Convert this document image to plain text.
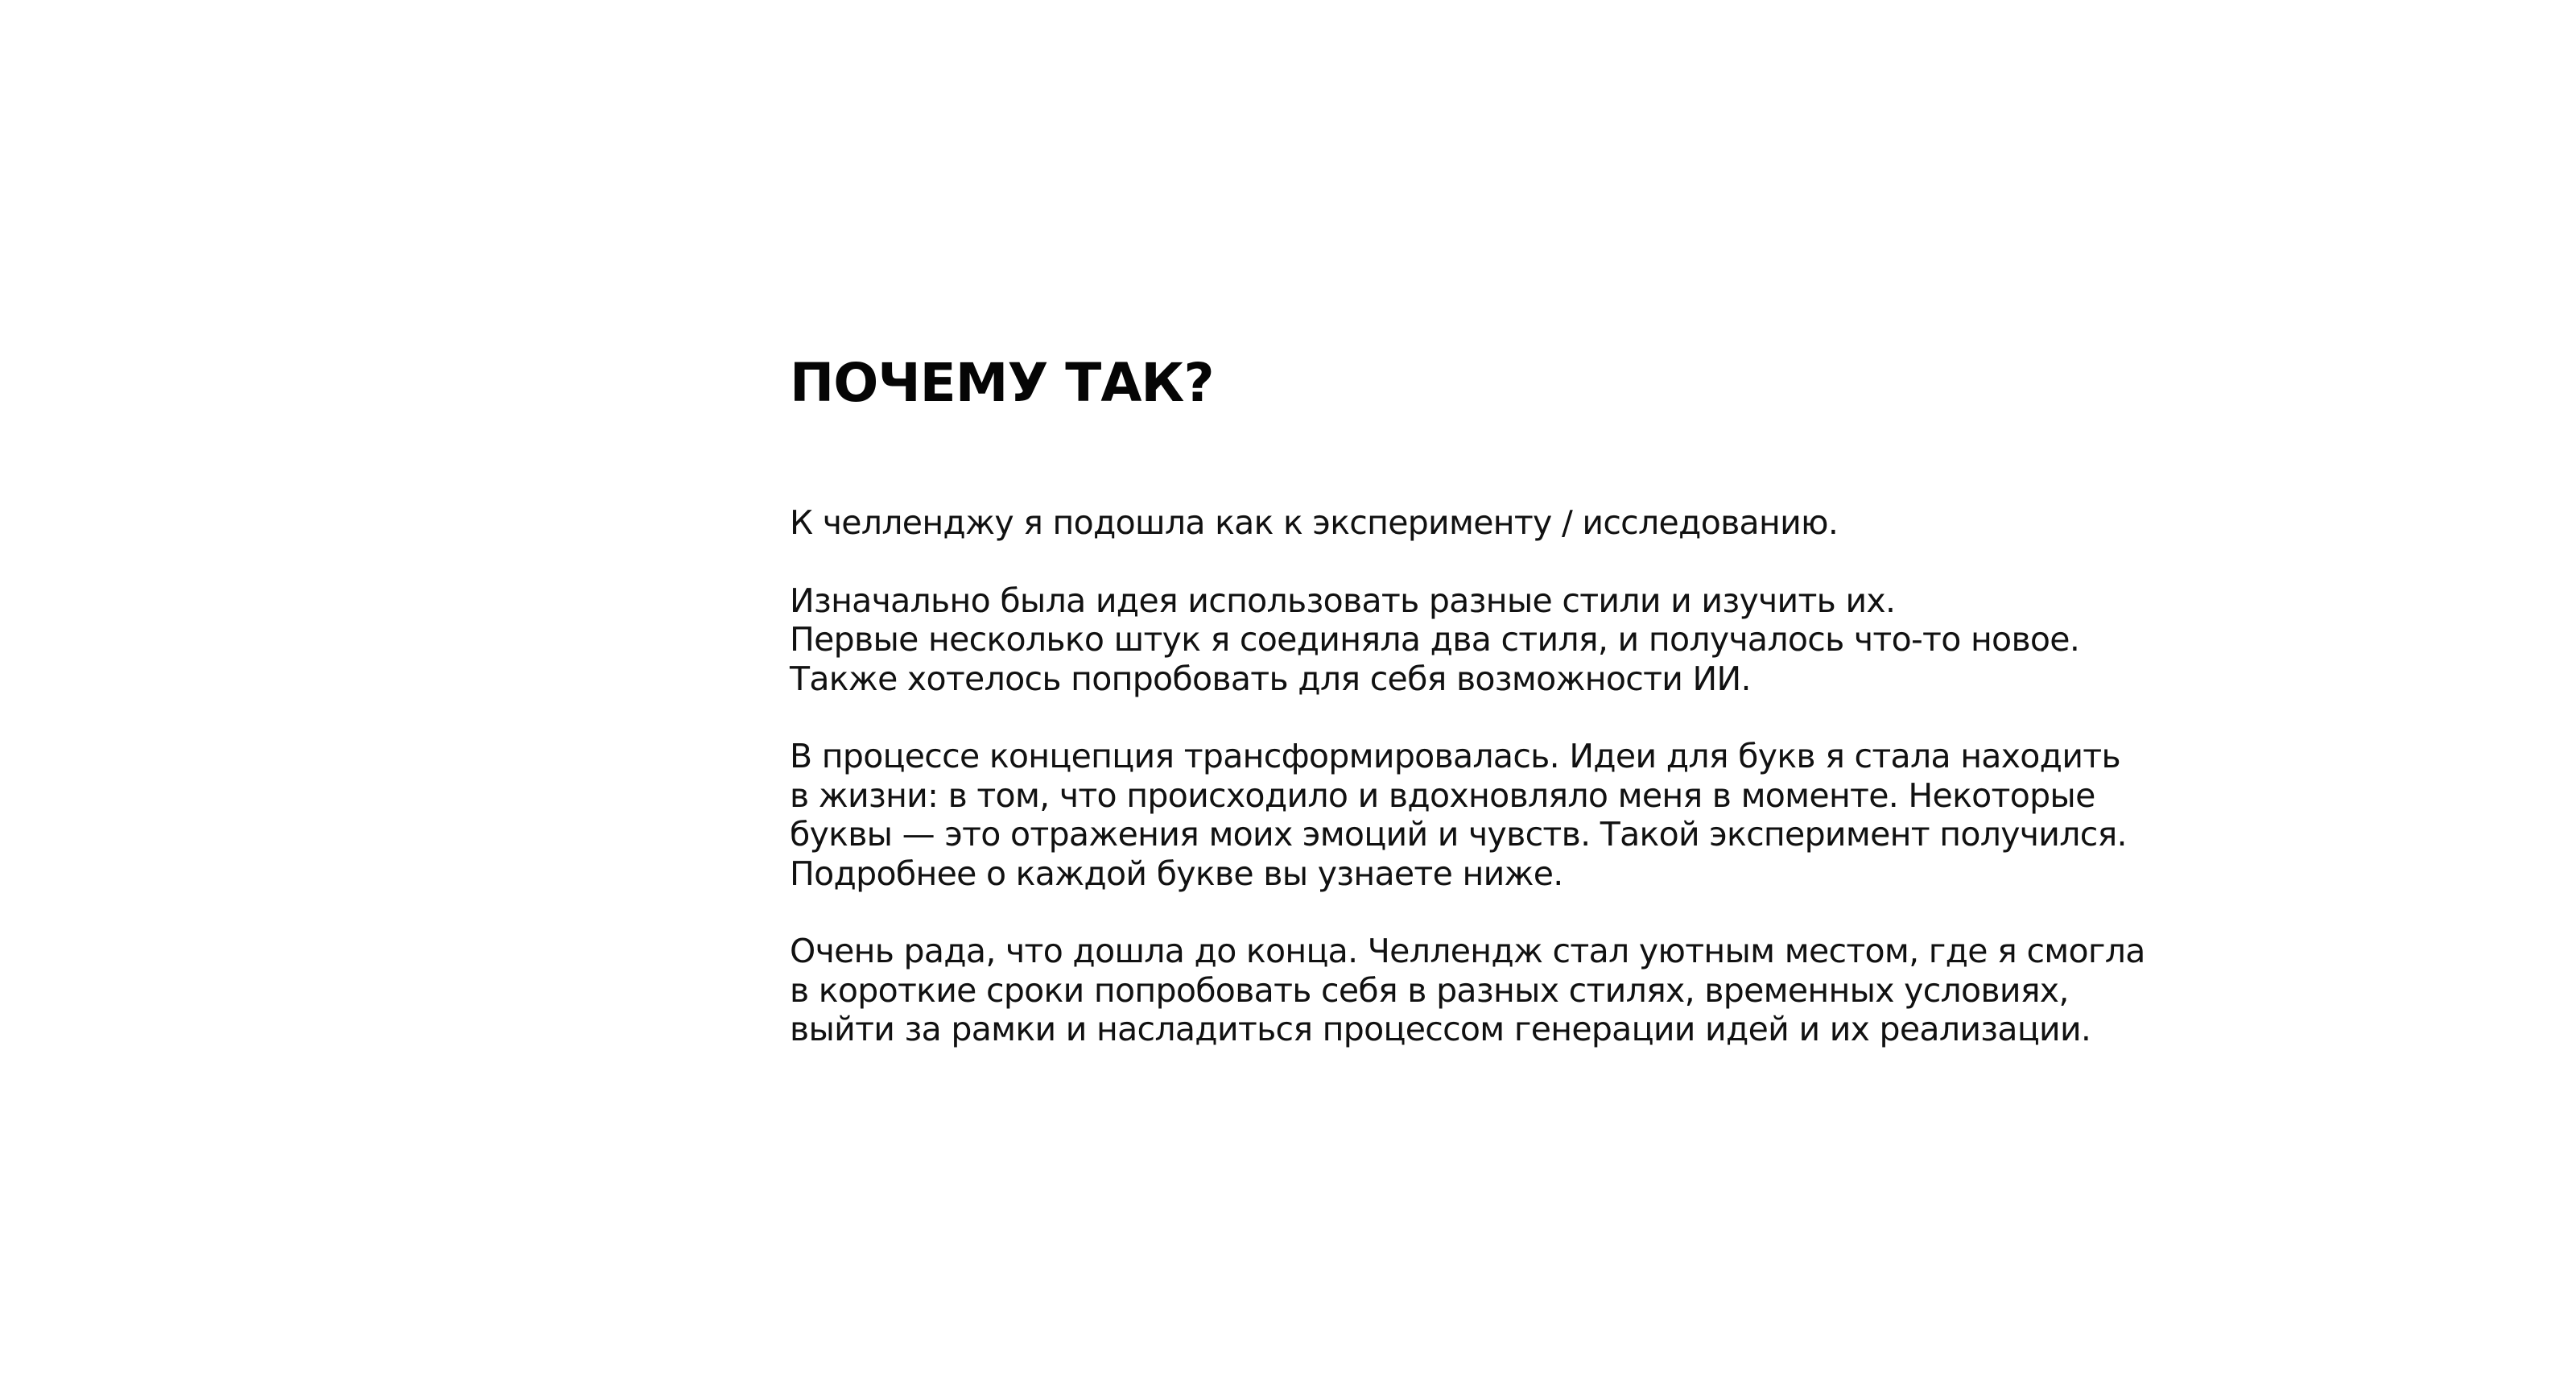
ПОЧЕМУ ТАК?

К челленджу я подошла как к эксперименту / исследованию.

Изначально была идея использовать разные стили и изучить их.
Первые несколько штук я соединяла два стиля, и получалось что-то новое.
Также хотелось попробовать для себя возможности ИИ.

В процессе концепция трансформировалась. Идеи для букв я стала находить
в жизни: в том, что происходило и вдохновляло меня в моменте. Некоторые
буквы — это отражения моих эмоций и чувств. Такой эксперимент получился.
Подробнее о каждой букве вы узнаете ниже.

Очень рада, что дошла до конца. Челлендж стал уютным местом, где я смогла
в короткие сроки попробовать себя в разных стилях, временных условиях,
выйти за рамки и насладиться процессом генерации идей и их реализации.
